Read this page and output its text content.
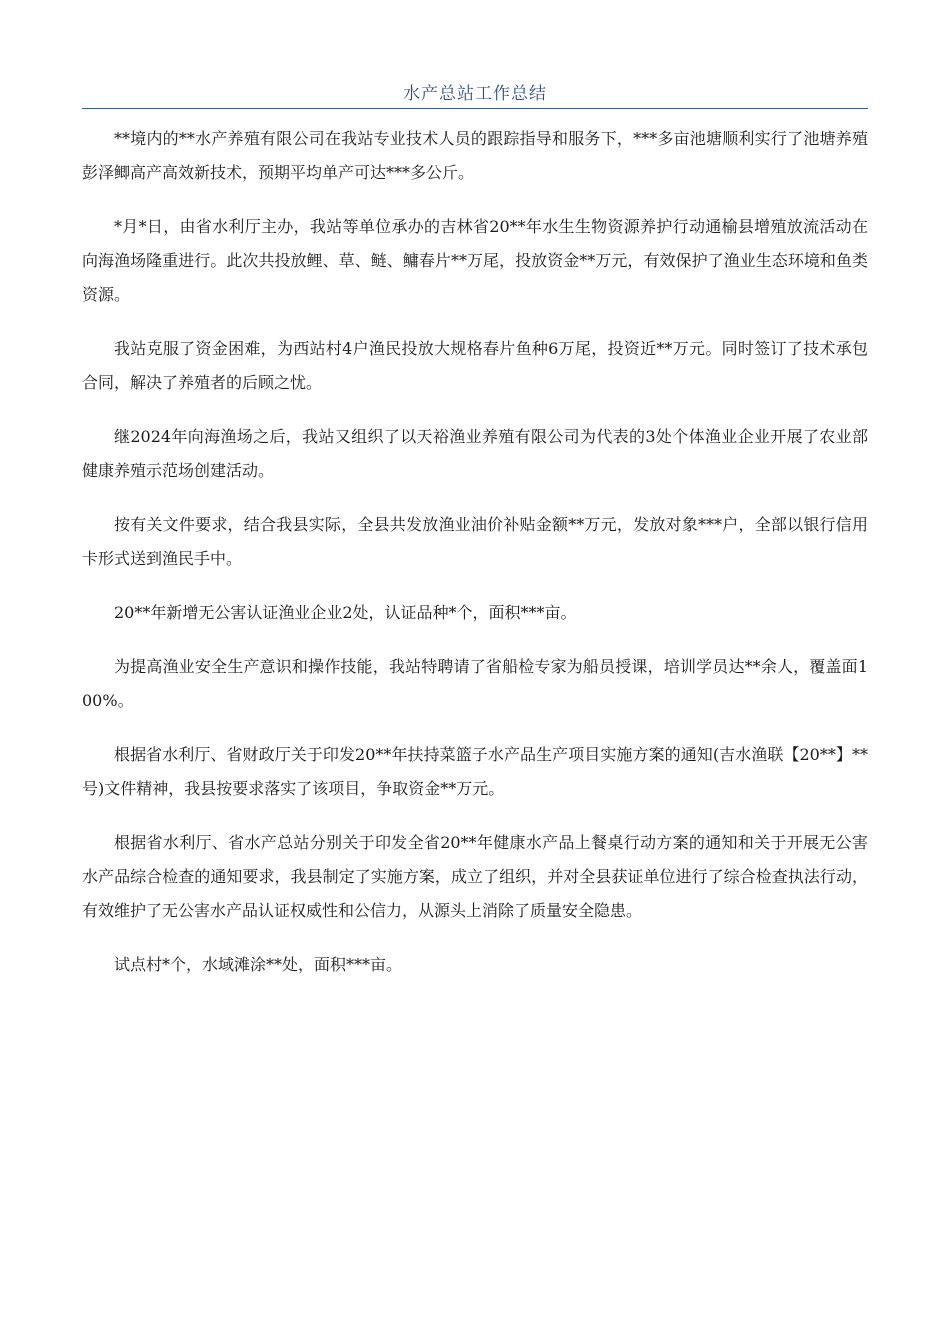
水产总站工作总结

**境内的**水产养殖有限公司在我站专业技术人员的跟踪指导和服务下，***多亩池塘顺利实行了池塘养殖彭泽鲫高产高效新技术，预期平均单产可达***多公斤。

*月*日，由省水利厅主办，我站等单位承办的吉林省20**年水生生物资源养护行动通榆县增殖放流活动在向海渔场隆重进行。此次共投放鲤、草、鲢、鳙春片**万尾，投放资金**万元，有效保护了渔业生态环境和鱼类资源。

我站克服了资金困难，为西站村4户渔民投放大规格春片鱼种6万尾，投资近**万元。同时签订了技术承包合同，解决了养殖者的后顾之忧。

继2024年向海渔场之后，我站又组织了以天裕渔业养殖有限公司为代表的3处个体渔业企业开展了农业部健康养殖示范场创建活动。

按有关文件要求，结合我县实际，全县共发放渔业油价补贴金额**万元，发放对象***户，全部以银行信用卡形式送到渔民手中。

20**年新增无公害认证渔业企业2处，认证品种*个，面积***亩。

为提高渔业安全生产意识和操作技能，我站特聘请了省船检专家为船员授课，培训学员达**余人，覆盖面100%。

根据省水利厅、省财政厅关于印发20**年扶持菜篮子水产品生产项目实施方案的通知(吉水渔联【20**】**号)文件精神，我县按要求落实了该项目，争取资金**万元。

根据省水利厅、省水产总站分别关于印发全省20**年健康水产品上餐桌行动方案的通知和关于开展无公害水产品综合检查的通知要求，我县制定了实施方案，成立了组织，并对全县获证单位进行了综合检查执法行动，有效维护了无公害水产品认证权威性和公信力，从源头上消除了质量安全隐患。

试点村*个，水域滩涂**处，面积***亩。
